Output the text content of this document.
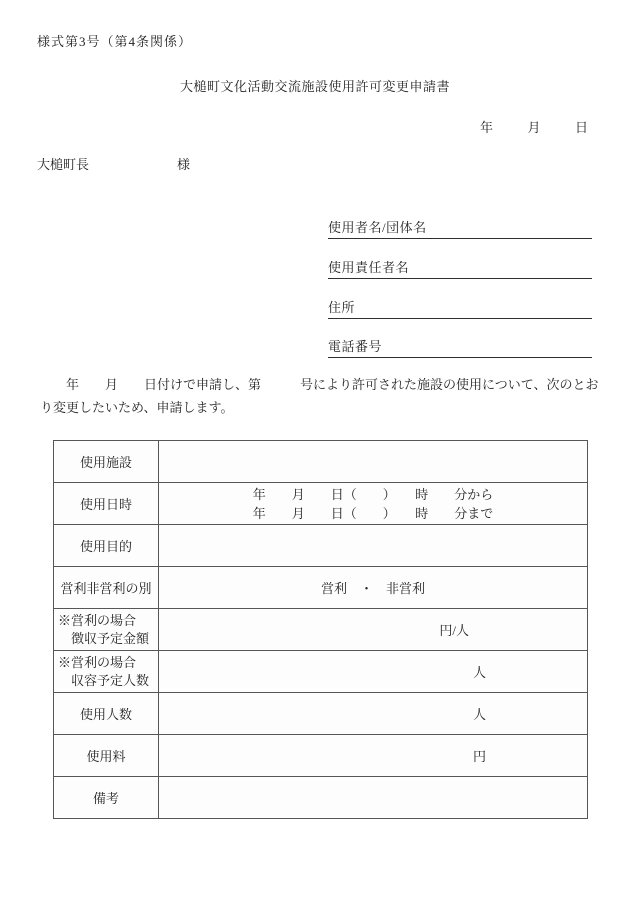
様式第3号（第4条関係）
大槌町文化活動交流施設使用許可変更申請書
年	月	日
大槌町長	様
使用者名/団体名
使用責任者名
住所
電話番号
　　年　　月　　日付けで申請し、第　　　号により許可された施設の使用について、次のとお
り変更したいため、申請します。
使用施設	
使用日時	年　　月　　日（　　）　　時　　分から
年　　月　　日（　　）　　時　　分まで

使用目的	
営利非営利の別	営利　・　非営利

※営利の場合
徴収予定金額	円/人

※営利の場合
収容予定人数	人
使用人数	人
使用料	円
備考	
